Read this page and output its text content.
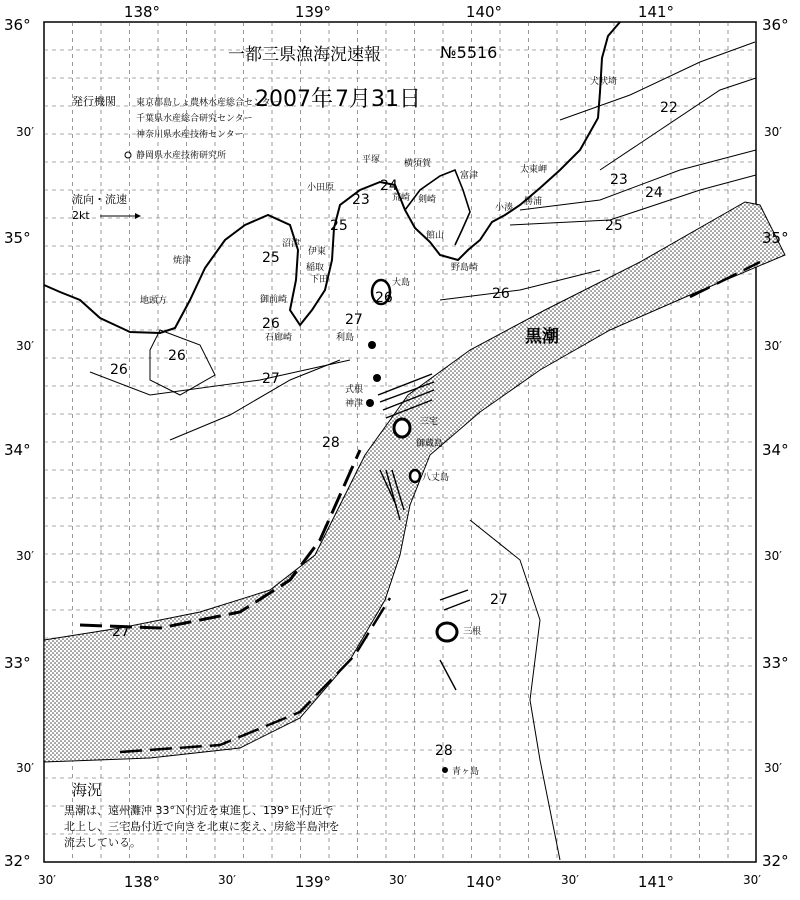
138°	139°	140°	141°
30′	138°	30′	139°	30′	140°	30′	141°	30′
36°
30′
35°
30′
34°
30′
33°
30′
32°
36°
30′
35°
30′
34°
30′
33°
30′
32°
一都三県漁海況速報	№5516
2007年 7月31日
発行機関 東京都島しょ農林水産総合センター
千葉県水産総合研究センター
神奈川県水産技術センター
静岡県水産技術研究所
流向・流速
2kt
黒潮
22
23
24
25
26
23	24
25
26
26
25
26
26
27
27
28
27
27
28
犬吠埼
太東岬
勝浦
小湊
富津
横須賀
平塚
小田原
荒崎 剣崎
館山
野島崎
伊東
稲取
下田
沼津
焼津
御前崎
地頭方
石廊崎
大島
利島
式根
神津
三宅
御蔵島
八丈島
三根
青ヶ島
海況
黒潮は、遠州灘沖 33°Ｎ付近を東進し、139°Ｅ付近で
北上し、三宅島付近で向きを北東に変え、房総半島沖を
流去している。
